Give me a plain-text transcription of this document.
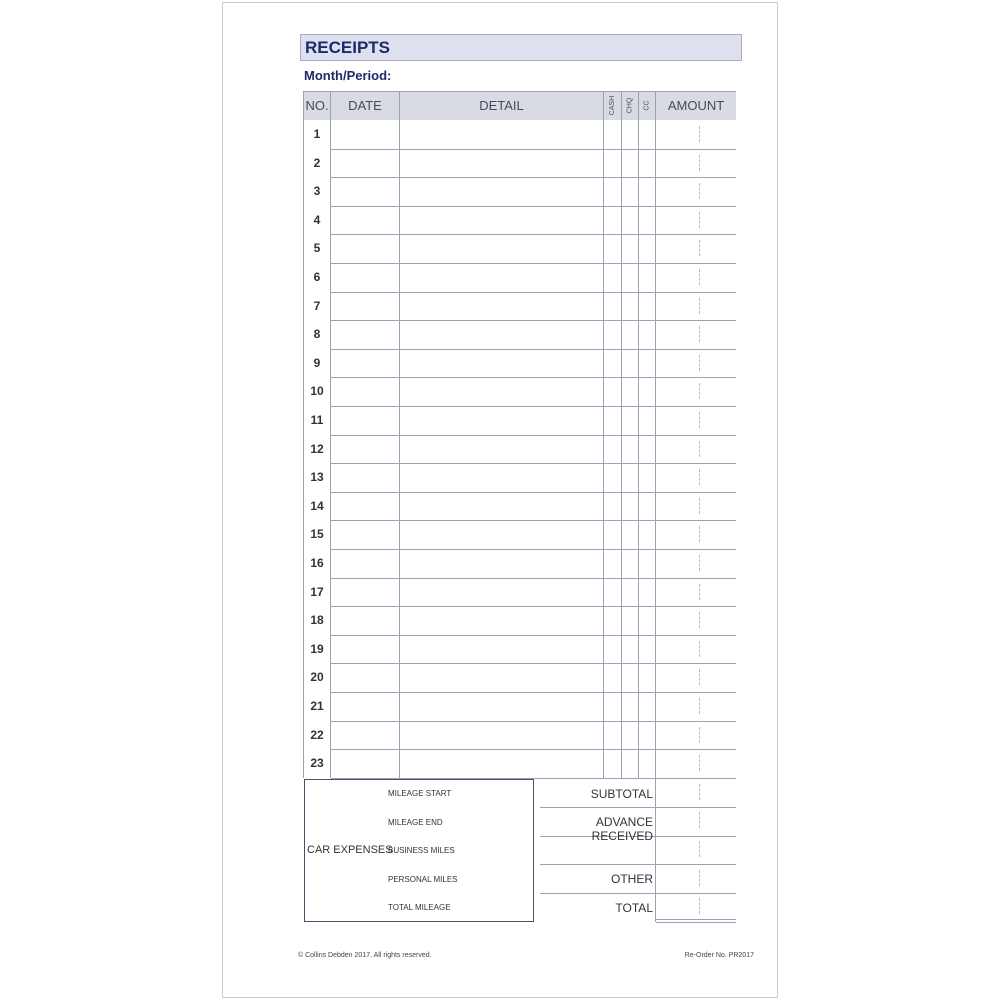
RECEIPTS
Month/Period:
NO.	DATE	DETAIL	CASH CHQ CC	AMOUNT
1
2
3
4
5
6
7
8
9
10
11
12
13
14
15
16
17
18
19
20
21
22
23
CAR EXPENSES
MILEAGE START
MILEAGE END
BUSINESS MILES
PERSONAL MILES
TOTAL MILEAGE
SUBTOTAL
ADVANCE RECEIVED
OTHER
TOTAL
© Collins Debden 2017. All rights reserved.	Re-Order No. PR2017
